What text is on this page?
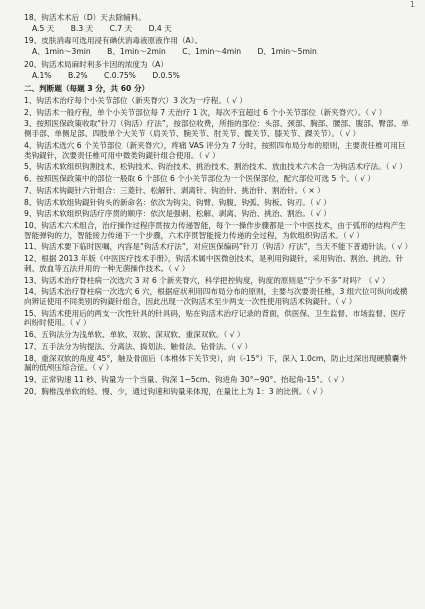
1
18、钩活术术后（D）天去除辅料。
A.5 天 B.3 天 C.7 天 D.4 天
19、皮肤消毒可选用浸有碘伏消毒液原液作用（A）。
A、1min～3min B、1min～2min C、1min～4min D、1min～5min
20、钩活术局麻时利多卡因的浓度为（A）
A.1% B.2% C.0.75% D.0.5%
二、判断题（每题 3 分，共 60 分）
1、钩活术治疗每个小关节部位（新夹脊穴）3 次为一疗程。（ √ ）
2、钩活术一般疗程，单个小关节部位每 7 天治疗 1 次，每次不宜超过 6 个小关节部位（新夹脊穴）。（ √ ）
3、按照医保政策收取“针刀（钩活）疗法”，按部位收费，所指的部位：头部、颈部、胸部、腰部、腹部、臀部、单侧手部、单侧足部、四肢单个大关节（肩关节、腕关节、肘关节、髋关节、膝关节、踝关节）。（ √ ）
4、钩活术选穴 6 个关节部位（新夹脊穴），疼痛 VAS 评分为 7 分时，按照四布局分布的原则，主要责任椎可用巨类钩鍉针，次要责任椎可用中微类钩鍉针组合使用。（ √ ）
5、钩活术软组织钩割技术、松钩技术、钩治技术、挑治技术、割治技术、放血技术六术合一为钩活术疗法。（ √ ）
6、按照医保政策中的部位一般取 6 个部位 6 个小关节部位为一个医保部位，配穴部位可选 5 个。（ √ ）
7、钩活术钩鍉针六针组合：三菱针、松解针、剥离针、钩治针、挑治针、割治针。（ × ）
8、钩活术软组钩鍉针钩头的新命名：依次为钩尖、钩臂、钩腹、钩弧、钩板、钩刃。（ √ ）
9、钩活术软组织钩活疗序贯的顺序：依次是强刺、松解、剥离、钩治、挑治、割治。（ √ ）
10、钩活术六术组合，治疗操作过程序贯按力传递智能，每个一操作步骤都是一个中医技术，由于弧形的结构产生智能弹钩的力，智能接力传递下一个步骤，六术序贯智能接力传递的全过程，为软组织钩活术。（ √ ）
11、钩活术要下临时医嘱，内容是“钩活术疗法”，对应医保编码“针刀（钩活）疗法”，当天不能下普通针法。（ √ ）
12、根据 2013 年版《中医医疗技术手册》，钩活术属中医微创技术，是利用钩鍉针，采用钩治、割治、挑治、针刺、放血等五法并用的一种无菌操作技术。（ √ ）
13、钩活术治疗脊柱病一次选穴 3 对 6 个新夹脊穴，科学把控钩度，钩度的原则是“宁少不多”对吗？（ √ ）
14、钩活术治疗脊柱病一次选穴 6 穴，根据症状利用四布局分布的原则，主要与次要责任椎，3 组穴位可纵向或横向辨证使用不同类别的钩鍉针组合，因此出现一次钩活术至少两支一次性使用钩活术钩鍉针。（ √ ）
15、钩活术使用后的两支一次性针具的针具码，贴在钩活术治疗记录的背面，供医保、卫生监督、市场监督、医疗纠纷时使用。（ √ ）
16、五钩法分为浅单软、单软、双软、深双软、重深双软。（ √ ）
17、五手法分为钩提法、分离法、捣划法、触骨法、钻骨法。（ √ ）
18、重深双软的角度 45°，触及骨面后（本椎体下关节突），向（-15°）下，深入 1.0cm，防止过深出现硬膜囊外漏的低颅压综合征。（ √ ）
19、正常钩速 11 秒、钩量为一个当量、钩深 1~5cm、钩进角 30°~90°、抬起角-15°。（ √ ）
20、胸椎浅单软的轻、慢、少，通过钩速和钩量来体现，在量比上为 1：3 的比例。（ √ ）
